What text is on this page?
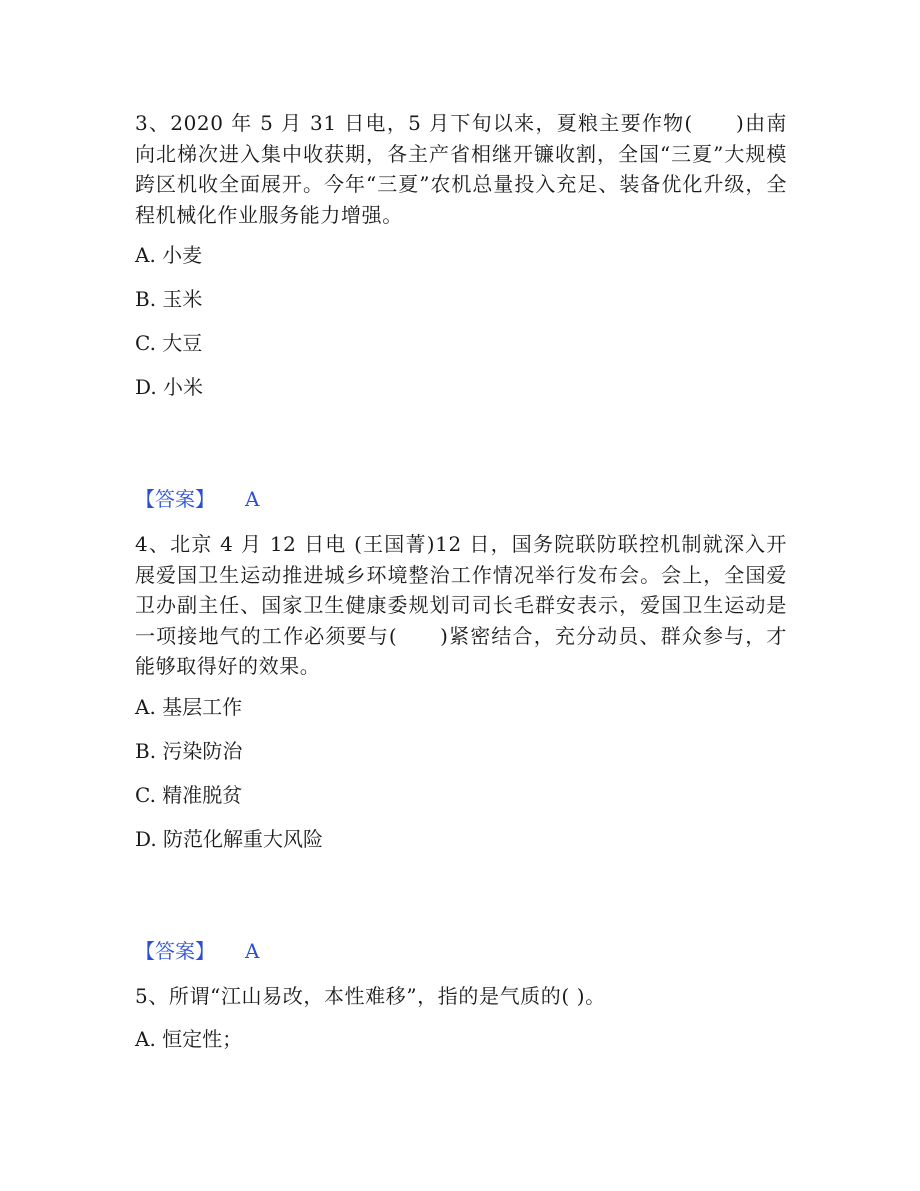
3、2020 年 5 月 31 日电，5 月下旬以来，夏粮主要作物(　　)由南向北梯次进入集中收获期，各主产省相继开镰收割，全国“三夏”大规模跨区机收全面展开。今年“三夏”农机总量投入充足、装备优化升级，全程机械化作业服务能力增强。

A. 小麦

B. 玉米

C. 大豆

D. 小米

【答案】 A

4、北京 4 月 12 日电 (王国菁)12 日，国务院联防联控机制就深入开展爱国卫生运动推进城乡环境整治工作情况举行发布会。会上，全国爱卫办副主任、国家卫生健康委规划司司长毛群安表示，爱国卫生运动是一项接地气的工作必须要与(　　)紧密结合，充分动员、群众参与，才能够取得好的效果。

A. 基层工作

B. 污染防治

C. 精准脱贫

D. 防范化解重大风险

【答案】 A

5、所谓“江山易改，本性难移”，指的是气质的( )。

A. 恒定性；
